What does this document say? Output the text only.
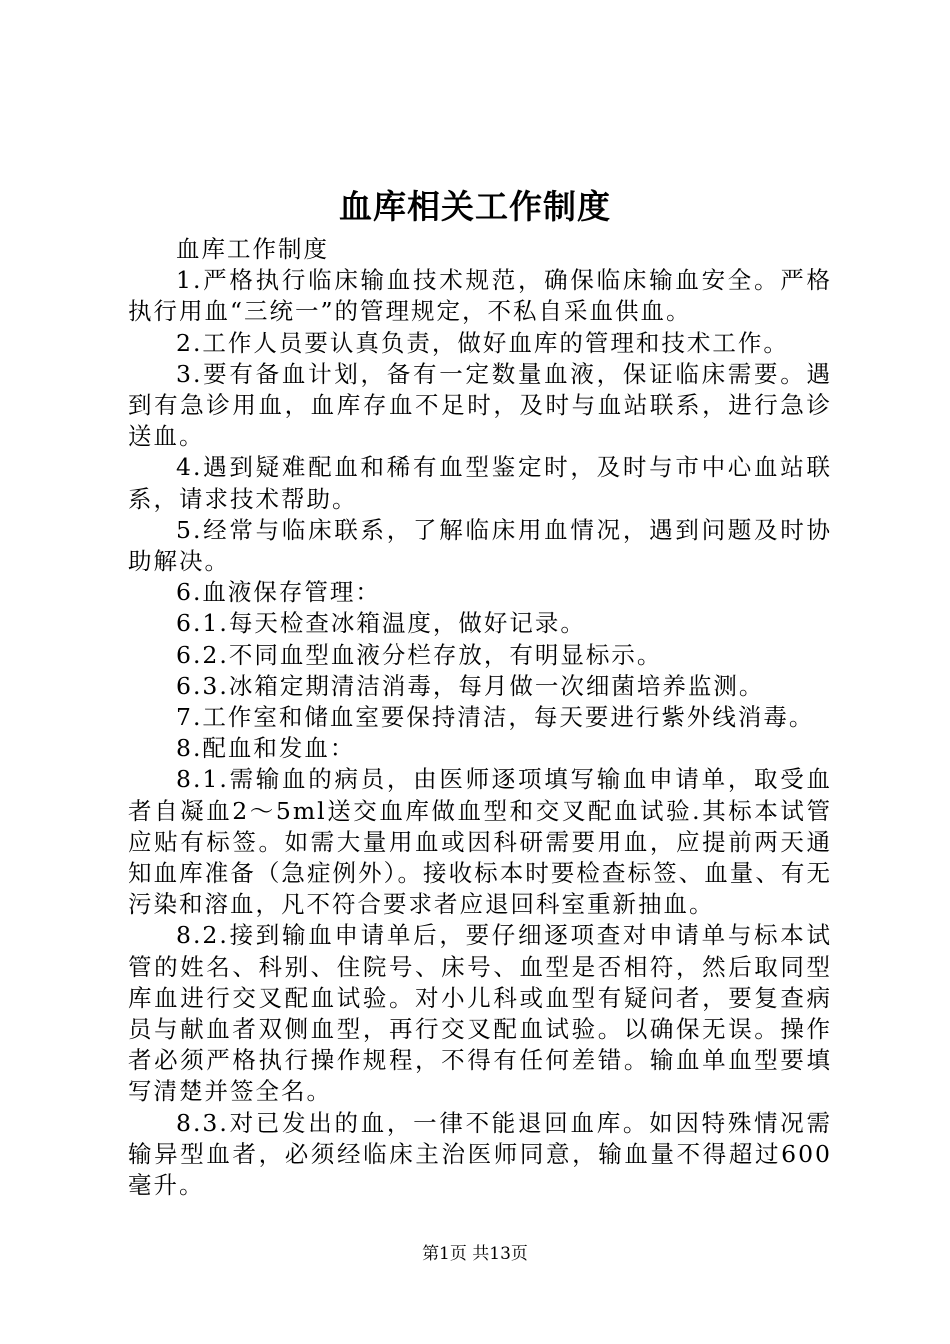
血库相关工作制度

血库工作制度

1.严格执行临床输血技术规范，确保临床输血安全。严格执行用血“三统一”的管理规定，不私自采血供血。

2.工作人员要认真负责，做好血库的管理和技术工作。

3.要有备血计划，备有一定数量血液，保证临床需要。遇到有急诊用血，血库存血不足时，及时与血站联系，进行急诊送血。

4.遇到疑难配血和稀有血型鉴定时，及时与市中心血站联系，请求技术帮助。

5.经常与临床联系，了解临床用血情况，遇到问题及时协助解决。

6.血液保存管理：

6.1.每天检查冰箱温度，做好记录。

6.2.不同血型血液分栏存放，有明显标示。

6.3.冰箱定期清洁消毒，每月做一次细菌培养监测。

7.工作室和储血室要保持清洁，每天要进行紫外线消毒。

8.配血和发血：

8.1.需输血的病员，由医师逐项填写输血申请单，取受血者自凝血2～5ml送交血库做血型和交叉配血试验.其标本试管应贴有标签。如需大量用血或因科研需要用血，应提前两天通知血库准备（急症例外）。接收标本时要检查标签、血量、有无污染和溶血，凡不符合要求者应退回科室重新抽血。

8.2.接到输血申请单后，要仔细逐项查对申请单与标本试管的姓名、科别、住院号、床号、血型是否相符，然后取同型库血进行交叉配血试验。对小儿科或血型有疑问者，要复查病员与献血者双侧血型，再行交叉配血试验。以确保无误。操作者必须严格执行操作规程，不得有任何差错。输血单血型要填写清楚并签全名。

8.3.对已发出的血，一律不能退回血库。如因特殊情况需输异型血者，必须经临床主治医师同意，输血量不得超过600毫升。

第1页 共13页
